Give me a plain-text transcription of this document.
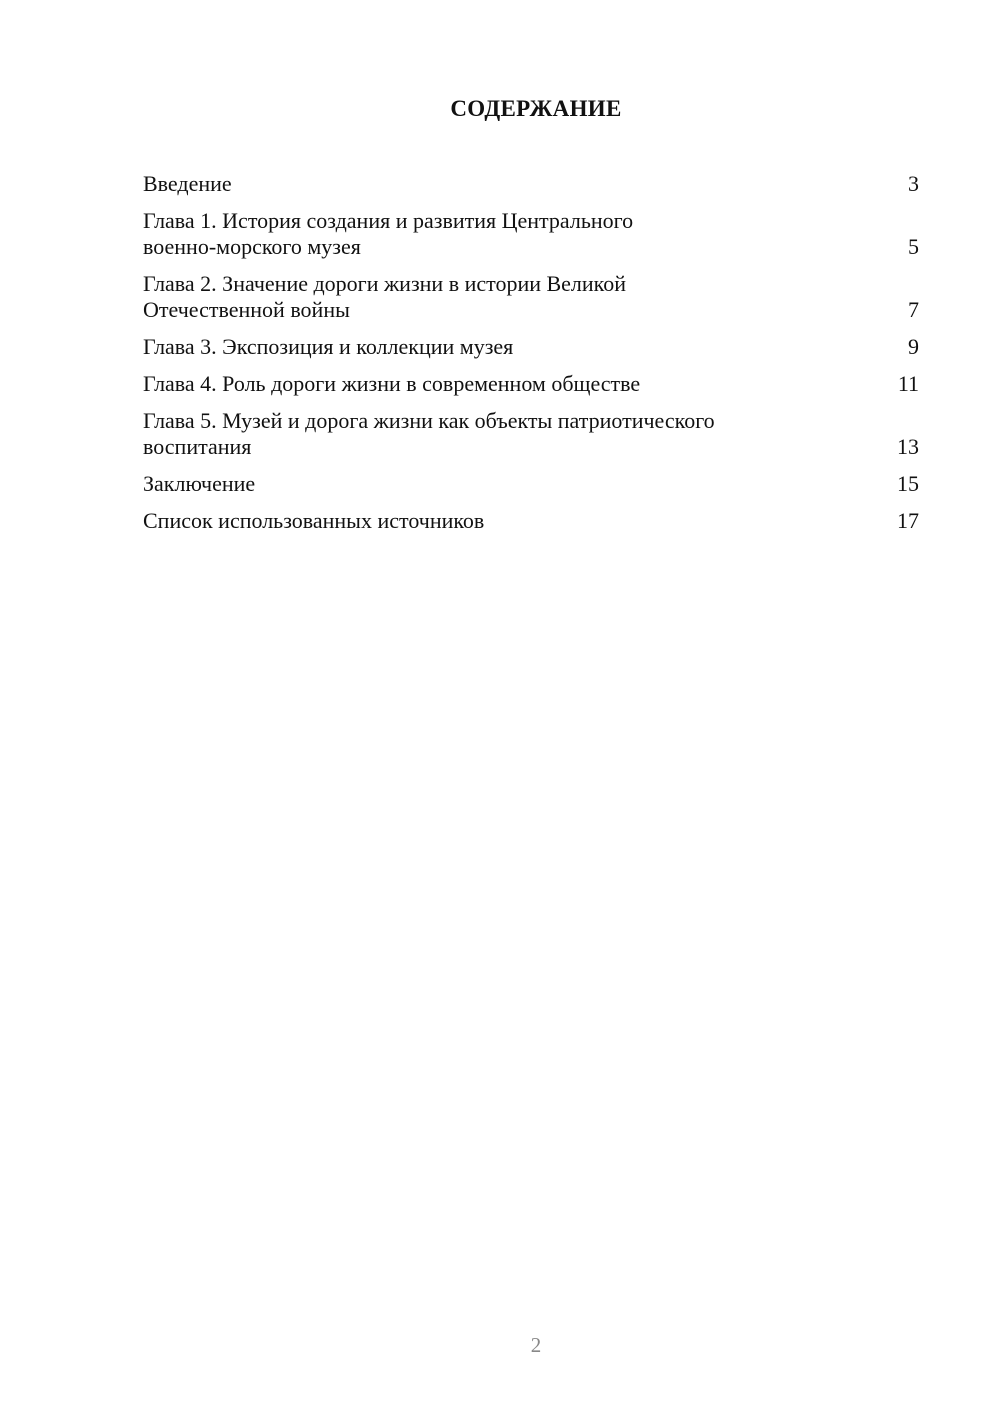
СОДЕРЖАНИЕ
Введение	3
Глава 1. История создания и развития Центрального
военно-морского музея	5
Глава 2. Значение дороги жизни в истории Великой
Отечественной войны	7
Глава 3. Экспозиция и коллекции музея	9
Глава 4. Роль дороги жизни в современном обществе	11
Глава 5. Музей и дорога жизни как объекты патриотического
воспитания	13
Заключение	15
Список использованных источников	17
2
